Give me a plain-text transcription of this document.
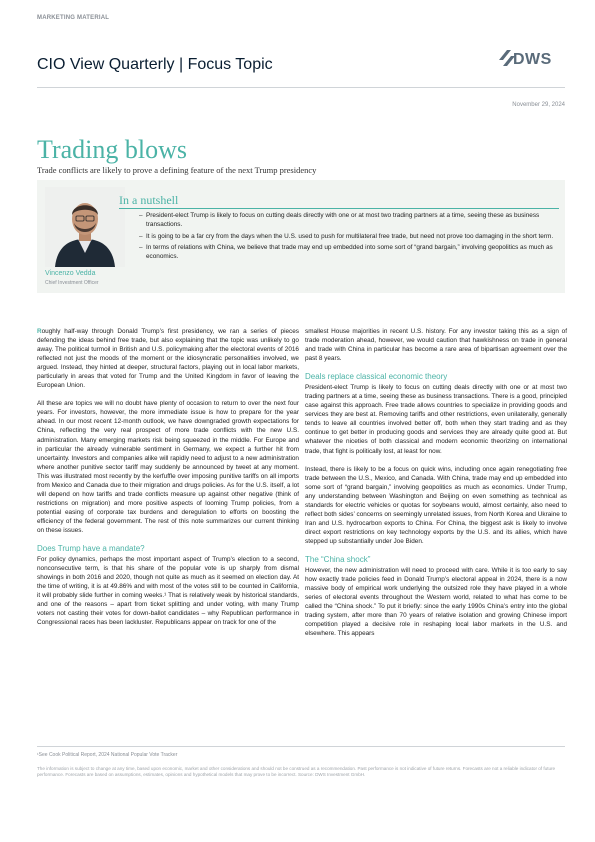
MARKETING MATERIAL
CIO View Quarterly | Focus Topic	DWS
November 29, 2024
Trading blows
Trade conflicts are likely to prove a defining feature of the next Trump presidency
Vincenzo Vedda
Chief Investment Officer
In a nutshell
– President-elect Trump is likely to focus on cutting deals directly with one or at most two trading partners at a time, seeing these as business transactions.
– It is going to be a far cry from the days when the U.S. used to push for multilateral free trade, but need not prove too damaging in the short term.
– In terms of relations with China, we believe that trade may end up embedded into some sort of “grand bargain,” involving geopolitics as much as economics.

Roughly half-way through Donald Trump’s first presidency, we ran a series of pieces defending the ideas behind free trade, but also explaining that the topic was unlikely to go away. The political turmoil in British and U.S. policymaking after the electoral events of 2016 reflected not just the moods of the moment or the idiosyncratic personalities involved, we argued. Instead, they hinted at deeper, structural factors, playing out in local labor markets, particularly in areas that voted for Trump and the United Kingdom in favor of leaving the European Union.

All these are topics we will no doubt have plenty of occasion to return to over the next four years. For investors, however, the more immediate issue is how to prepare for the year ahead. In our most recent 12-month outlook, we have downgraded growth expectations for China, reflecting the very real prospect of more trade conflicts with the new U.S. administration. Many emerging markets risk being squeezed in the middle. For Europe and in particular the already vulnerable sentiment in Germany, we expect a further hit from uncertainty. Investors and companies alike will rapidly need to adjust to a new administration where another punitive sector tariff may suddenly be announced by tweet at any moment. This was illustrated most recently by the kerfuffle over imposing punitive tariffs on all imports from Mexico and Canada due to their migration and drugs policies. As for the U.S. itself, a lot will depend on how tariffs and trade conflicts measure up against other negative (think of restrictions on migration) and more positive aspects of looming Trump policies, from a potential easing of corporate tax burdens and deregulation to efforts on boosting the efficiency of the federal government. The rest of this note summarizes our current thinking on these issues.

Does Trump have a mandate?

For policy dynamics, perhaps the most important aspect of Trump’s election to a second, nonconsecutive term, is that his share of the popular vote is up sharply from dismal showings in both 2016 and 2020, though not quite as much as it seemed on election day. At the time of writing, it is at 49.86% and with most of the votes still to be counted in California, it will probably slide further in coming weeks.¹ That is relatively weak by historical standards, and one of the reasons – apart from ticket splitting and under voting, with many Trump voters not casting their votes for down-ballot candidates – why Republican performance in Congressional races has been lackluster. Republicans appear on track for one of the

smallest House majorities in recent U.S. history. For any investor taking this as a sign of trade moderation ahead, however, we would caution that hawkishness on trade in general and trade with China in particular has become a rare area of bipartisan agreement over the past 8 years.

Deals replace classical economic theory

President-elect Trump is likely to focus on cutting deals directly with one or at most two trading partners at a time, seeing these as business transactions. There is a good, principled case against this approach. Free trade allows countries to specialize in providing goods and services they are best at. Removing tariffs and other restrictions, even unilaterally, generally tends to leave all countries involved better off, both when they start trading and as they continue to get better in producing goods and services they are already quite good at. But whatever the niceties of both classical and modern economic theorizing on international trade, that fight is politically lost, at least for now.

Instead, there is likely to be a focus on quick wins, including once again renegotiating free trade between the U.S., Mexico, and Canada. With China, trade may end up embedded into some sort of “grand bargain,” involving geopolitics as much as economics. Under Trump, any understanding between Washington and Beijing on even something as technical as standards for electric vehicles or quotas for soybeans would, almost certainly, also need to reflect both sides’ concerns on seemingly unrelated issues, from North Korea and Ukraine to Iran and U.S. hydrocarbon exports to China. For China, the biggest ask is likely to involve direct export restrictions on key technology exports by the U.S. and its allies, which have stepped up substantially under Joe Biden.

The “China shock”

However, the new administration will need to proceed with care. While it is too early to say how exactly trade policies feed in Donald Trump’s electoral appeal in 2024, there is a now massive body of empirical work underlying the outsized role they have played in a whole series of electoral events throughout the Western world, related to what has come to be called the “China shock.” To put it briefly: since the early 1990s China’s entry into the global trading system, after more than 70 years of relative isolation and growing Chinese import competition played a decisive role in reshaping local labor markets in the U.S. and elsewhere. This appears

¹See Cook Political Report, 2024 National Popular Vote Tracker
The information is subject to change at any time, based upon economic, market and other considerations and should not be construed as a recommendation. Past performance is not indicative of future returns. Forecasts are not a reliable indicator of future performance. Forecasts are based on assumptions, estimates, opinions and hypothetical models that may prove to be incorrect. Source: DWS Investment GmbH.
